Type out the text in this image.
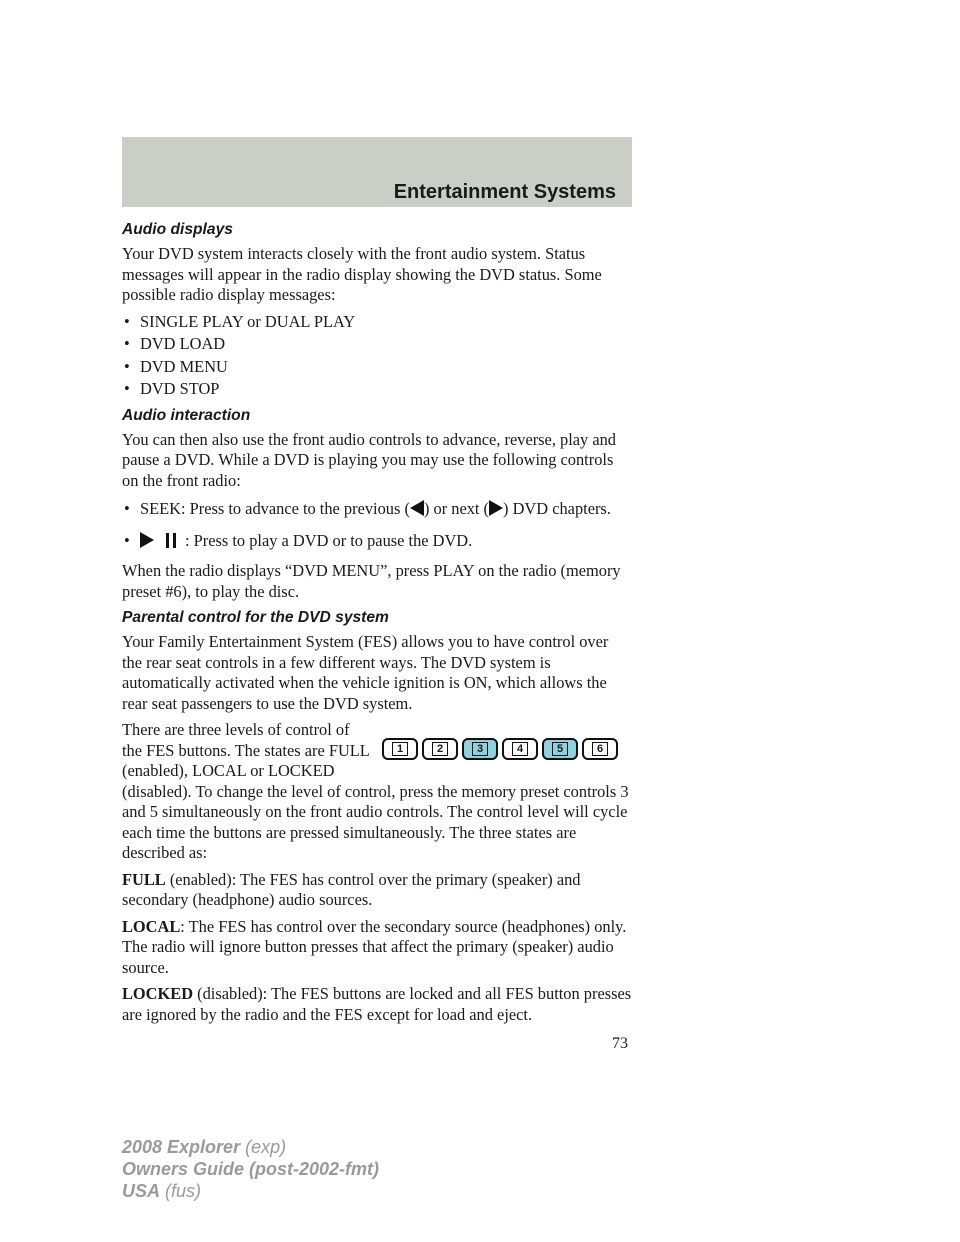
Entertainment Systems
Audio displays
Your DVD system interacts closely with the front audio system. Status messages will appear in the radio display showing the DVD status. Some possible radio display messages:
• SINGLE PLAY or DUAL PLAY
• DVD LOAD
• DVD MENU
• DVD STOP
Audio interaction
You can then also use the front audio controls to advance, reverse, play and pause a DVD. While a DVD is playing you may use the following controls on the front radio:
• SEEK: Press to advance to the previous ( ) or next ( ) DVD chapters.
•	: Press to play a DVD or to pause the DVD.
When the radio displays “DVD MENU”, press PLAY on the radio (memory preset #6), to play the disc.
Parental control for the DVD system
Your Family Entertainment System (FES) allows you to have control over the rear seat controls in a few different ways. The DVD system is automatically activated when the vehicle ignition is ON, which allows the rear seat passengers to use the DVD system.
1	2	3	4	5	6
There are three levels of control of the FES buttons. The states are FULL (enabled), LOCAL or LOCKED (disabled). To change the level of control, press the memory preset controls 3 and 5 simultaneously on the front audio controls. The control level will cycle each time the buttons are pressed simultaneously. The three states are described as:
FULL (enabled): The FES has control over the primary (speaker) and secondary (headphone) audio sources.
LOCAL: The FES has control over the secondary source (headphones) only. The radio will ignore button presses that affect the primary (speaker) audio source.
LOCKED (disabled): The FES buttons are locked and all FES button presses are ignored by the radio and the FES except for load and eject.
73
2008 Explorer (exp)
Owners Guide (post-2002-fmt)
USA (fus)
